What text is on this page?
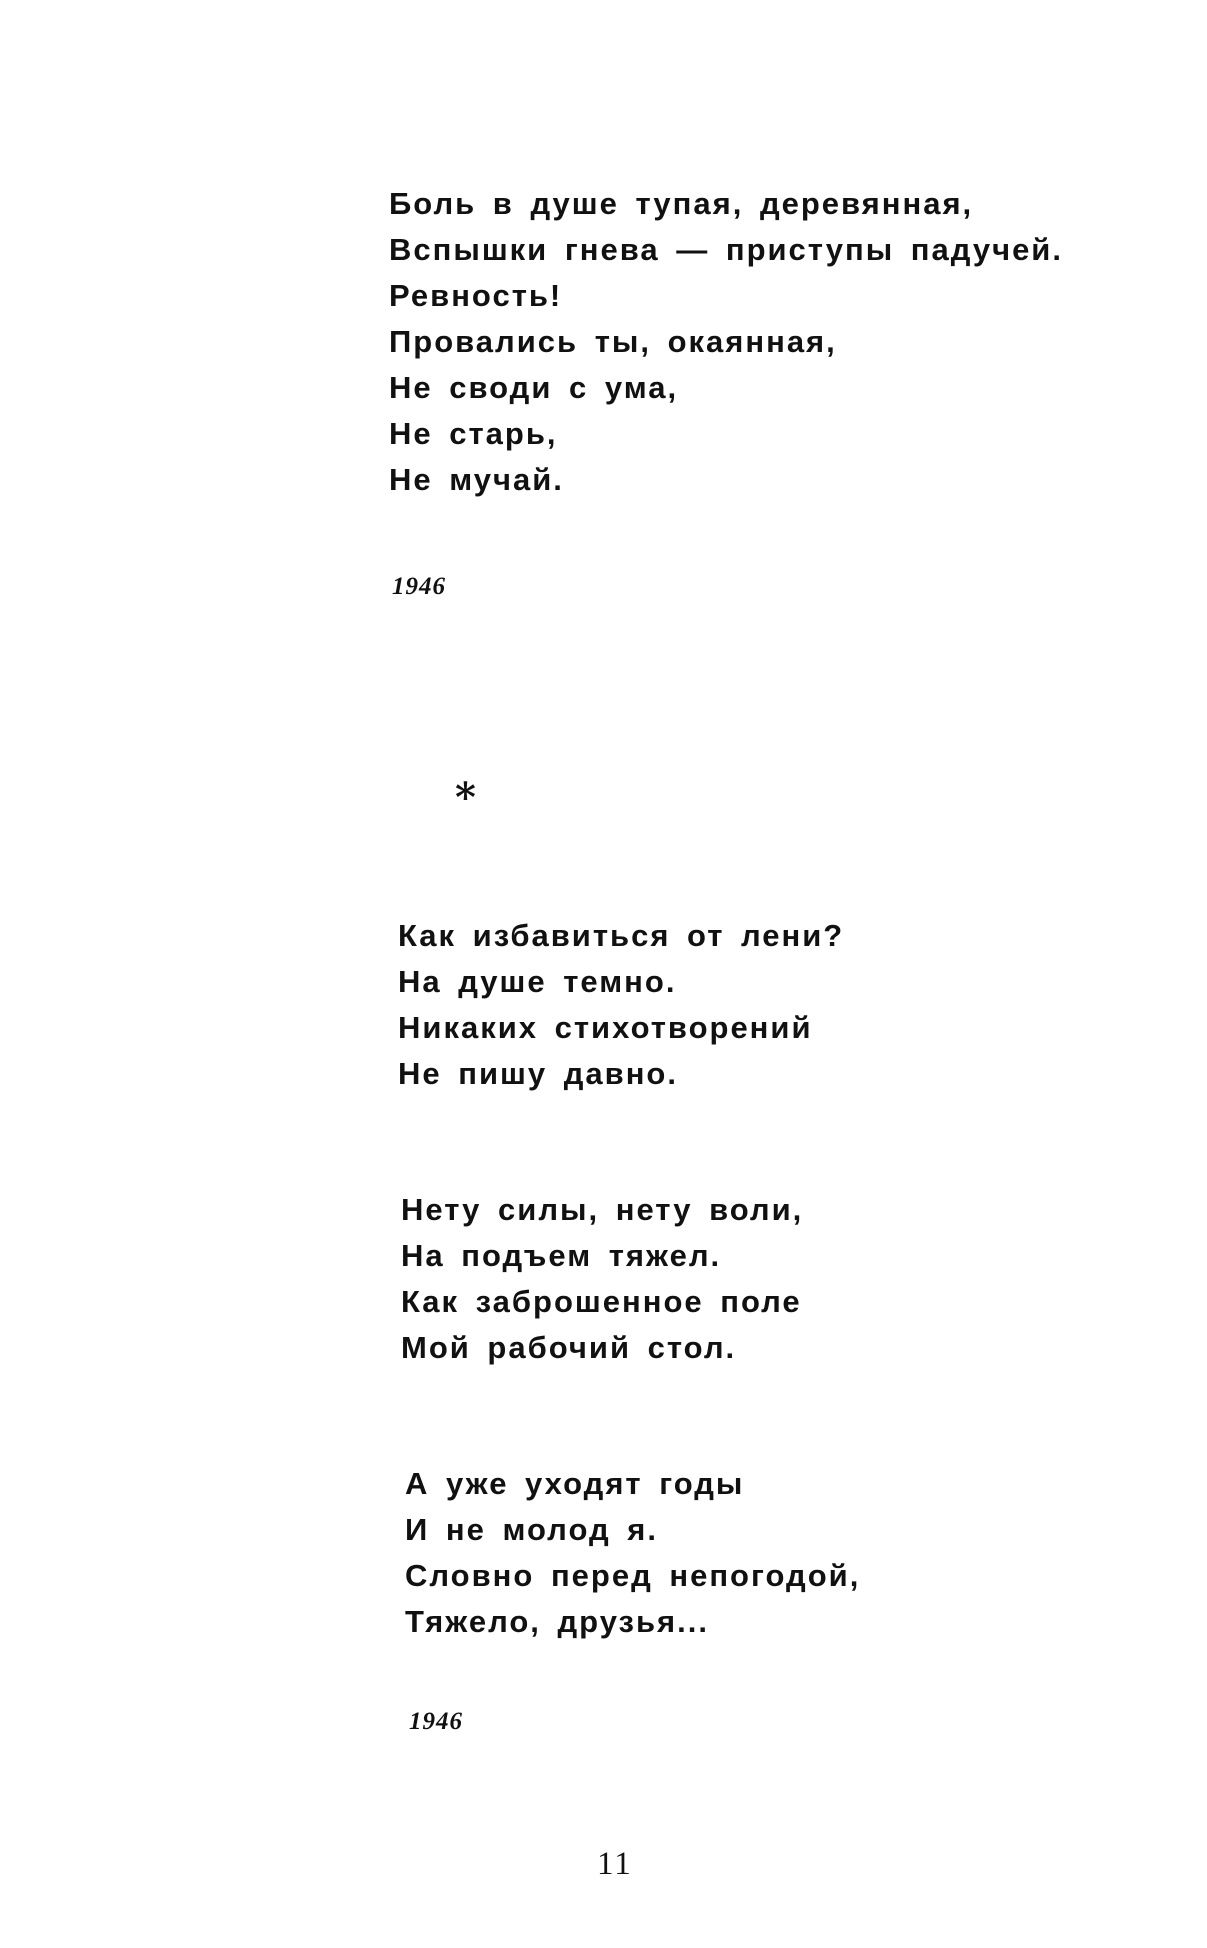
Боль в душе тупая, деревянная,
Вспышки гнева — приступы падучей.
Ревность!
Провались ты, окаянная,
Не своди с ума,
Не старь,
Не мучай.
1946
*
Как избавиться от лени?
На душе темно.
Никаких стихотворений
Не пишу давно.
Нету силы, нету воли,
На подъем тяжел.
Как заброшенное поле
Мой рабочий стол.
А уже уходят годы
И не молод я.
Словно перед непогодой,
Тяжело, друзья...
1946
11
